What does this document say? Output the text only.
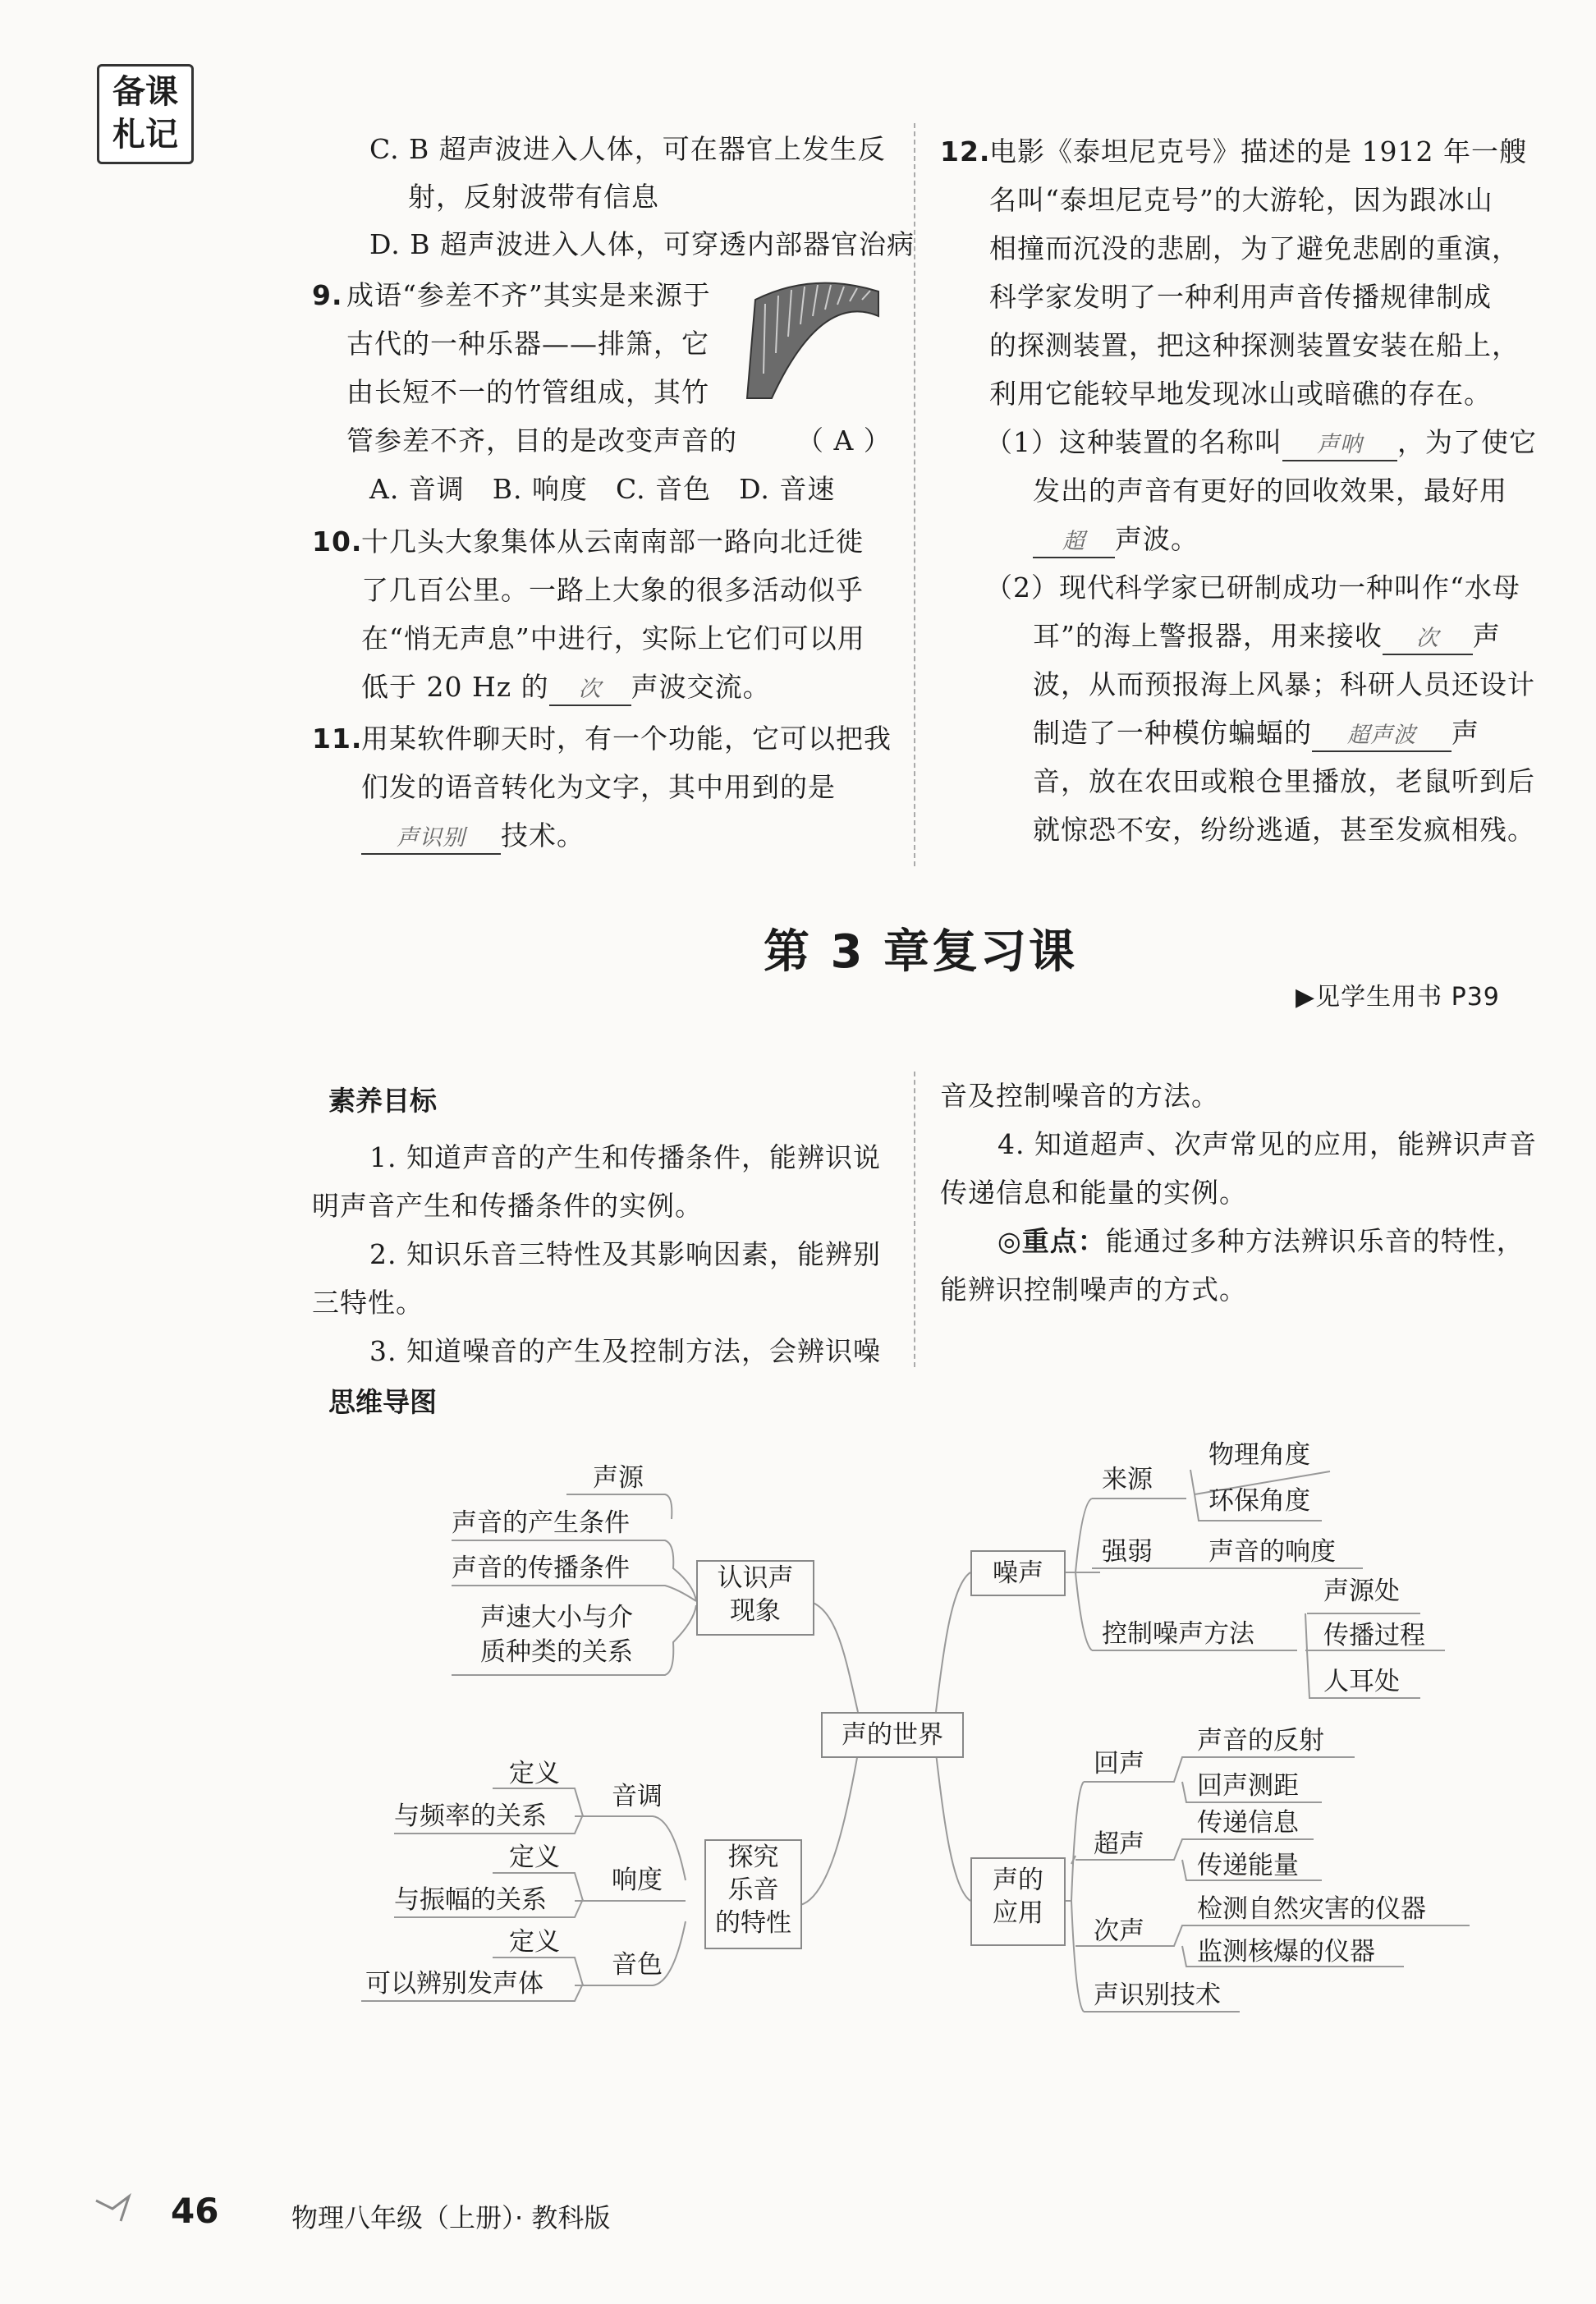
备课
札记	C. B 超声波进入人体，可在器官上发生反
射，反射波带有信息
D. B 超声波进入人体，可穿透内部器官治病
9. 成语“参差不齐”其实是来源于
古代的一种乐器——排箫，它
由长短不一的竹管组成，其竹
管参差不齐，目的是改变声音的 （ A ）
A. 音调　B. 响度　C. 音色　D. 音速
10.
十几头大象集体从云南南部一路向北迁徙
了几百公里。一路上大象的很多活动似乎
在“悄无声息”中进行，实际上它们可以用
低于 20 Hz 的 次 声波交流。
11.
用某软件聊天时，有一个功能，它可以把我
们发的语音转化为文字，其中用到的是
声识别 技术。
12.
电影《泰坦尼克号》描述的是 1912 年一艘
名叫“泰坦尼克号”的大游轮，因为跟冰山
相撞而沉没的悲剧，为了避免悲剧的重演，
科学家发明了一种利用声音传播规律制成
的探测装置，把这种探测装置安装在船上，
利用它能较早地发现冰山或暗礁的存在。
（1）这种装置的名称叫 声呐 ，为了使它
发出的声音有更好的回收效果，最好用
超 声波。
（2）现代科学家已研制成功一种叫作“水母
耳”的海上警报器，用来接收 次 声
波，从而预报海上风暴；科研人员还设计
制造了一种模仿蝙蝠的 超声波 声
音，放在农田或粮仓里播放，老鼠听到后
就惊恐不安，纷纷逃遁，甚至发疯相残。
第 3 章复习课
▶见学生用书 P39
素养目标
1. 知道声音的产生和传播条件，能辨识说
明声音产生和传播条件的实例。
2. 知识乐音三特性及其影响因素，能辨别
三特性。
3. 知道噪音的产生及控制方法，会辨识噪
音及控制噪音的方法。
4. 知道超声、次声常见的应用，能辨识声音
传递信息和能量的实例。
◎重点：能通过多种方法辨识乐音的特性，
能辨识控制噪声的方式。
思维导图
声的世界
认识声
现象
声源
声音的产生条件
声音的传播条件
声速大小与介
质种类的关系
探究
乐音
的特性
音调
定义
与频率的关系
响度
定义
与振幅的关系
音色
定义
可以辨别发声体
噪声
来源
物理角度
环保角度
强弱 声音的响度
控制噪声方法
声源处
传播过程
人耳处
声的
应用
回声
声音的反射
回声测距
超声
传递信息
传递能量
次声
检测自然灾害的仪器
监测核爆的仪器
声识别技术
46	物理八年级（上册）· 教科版
